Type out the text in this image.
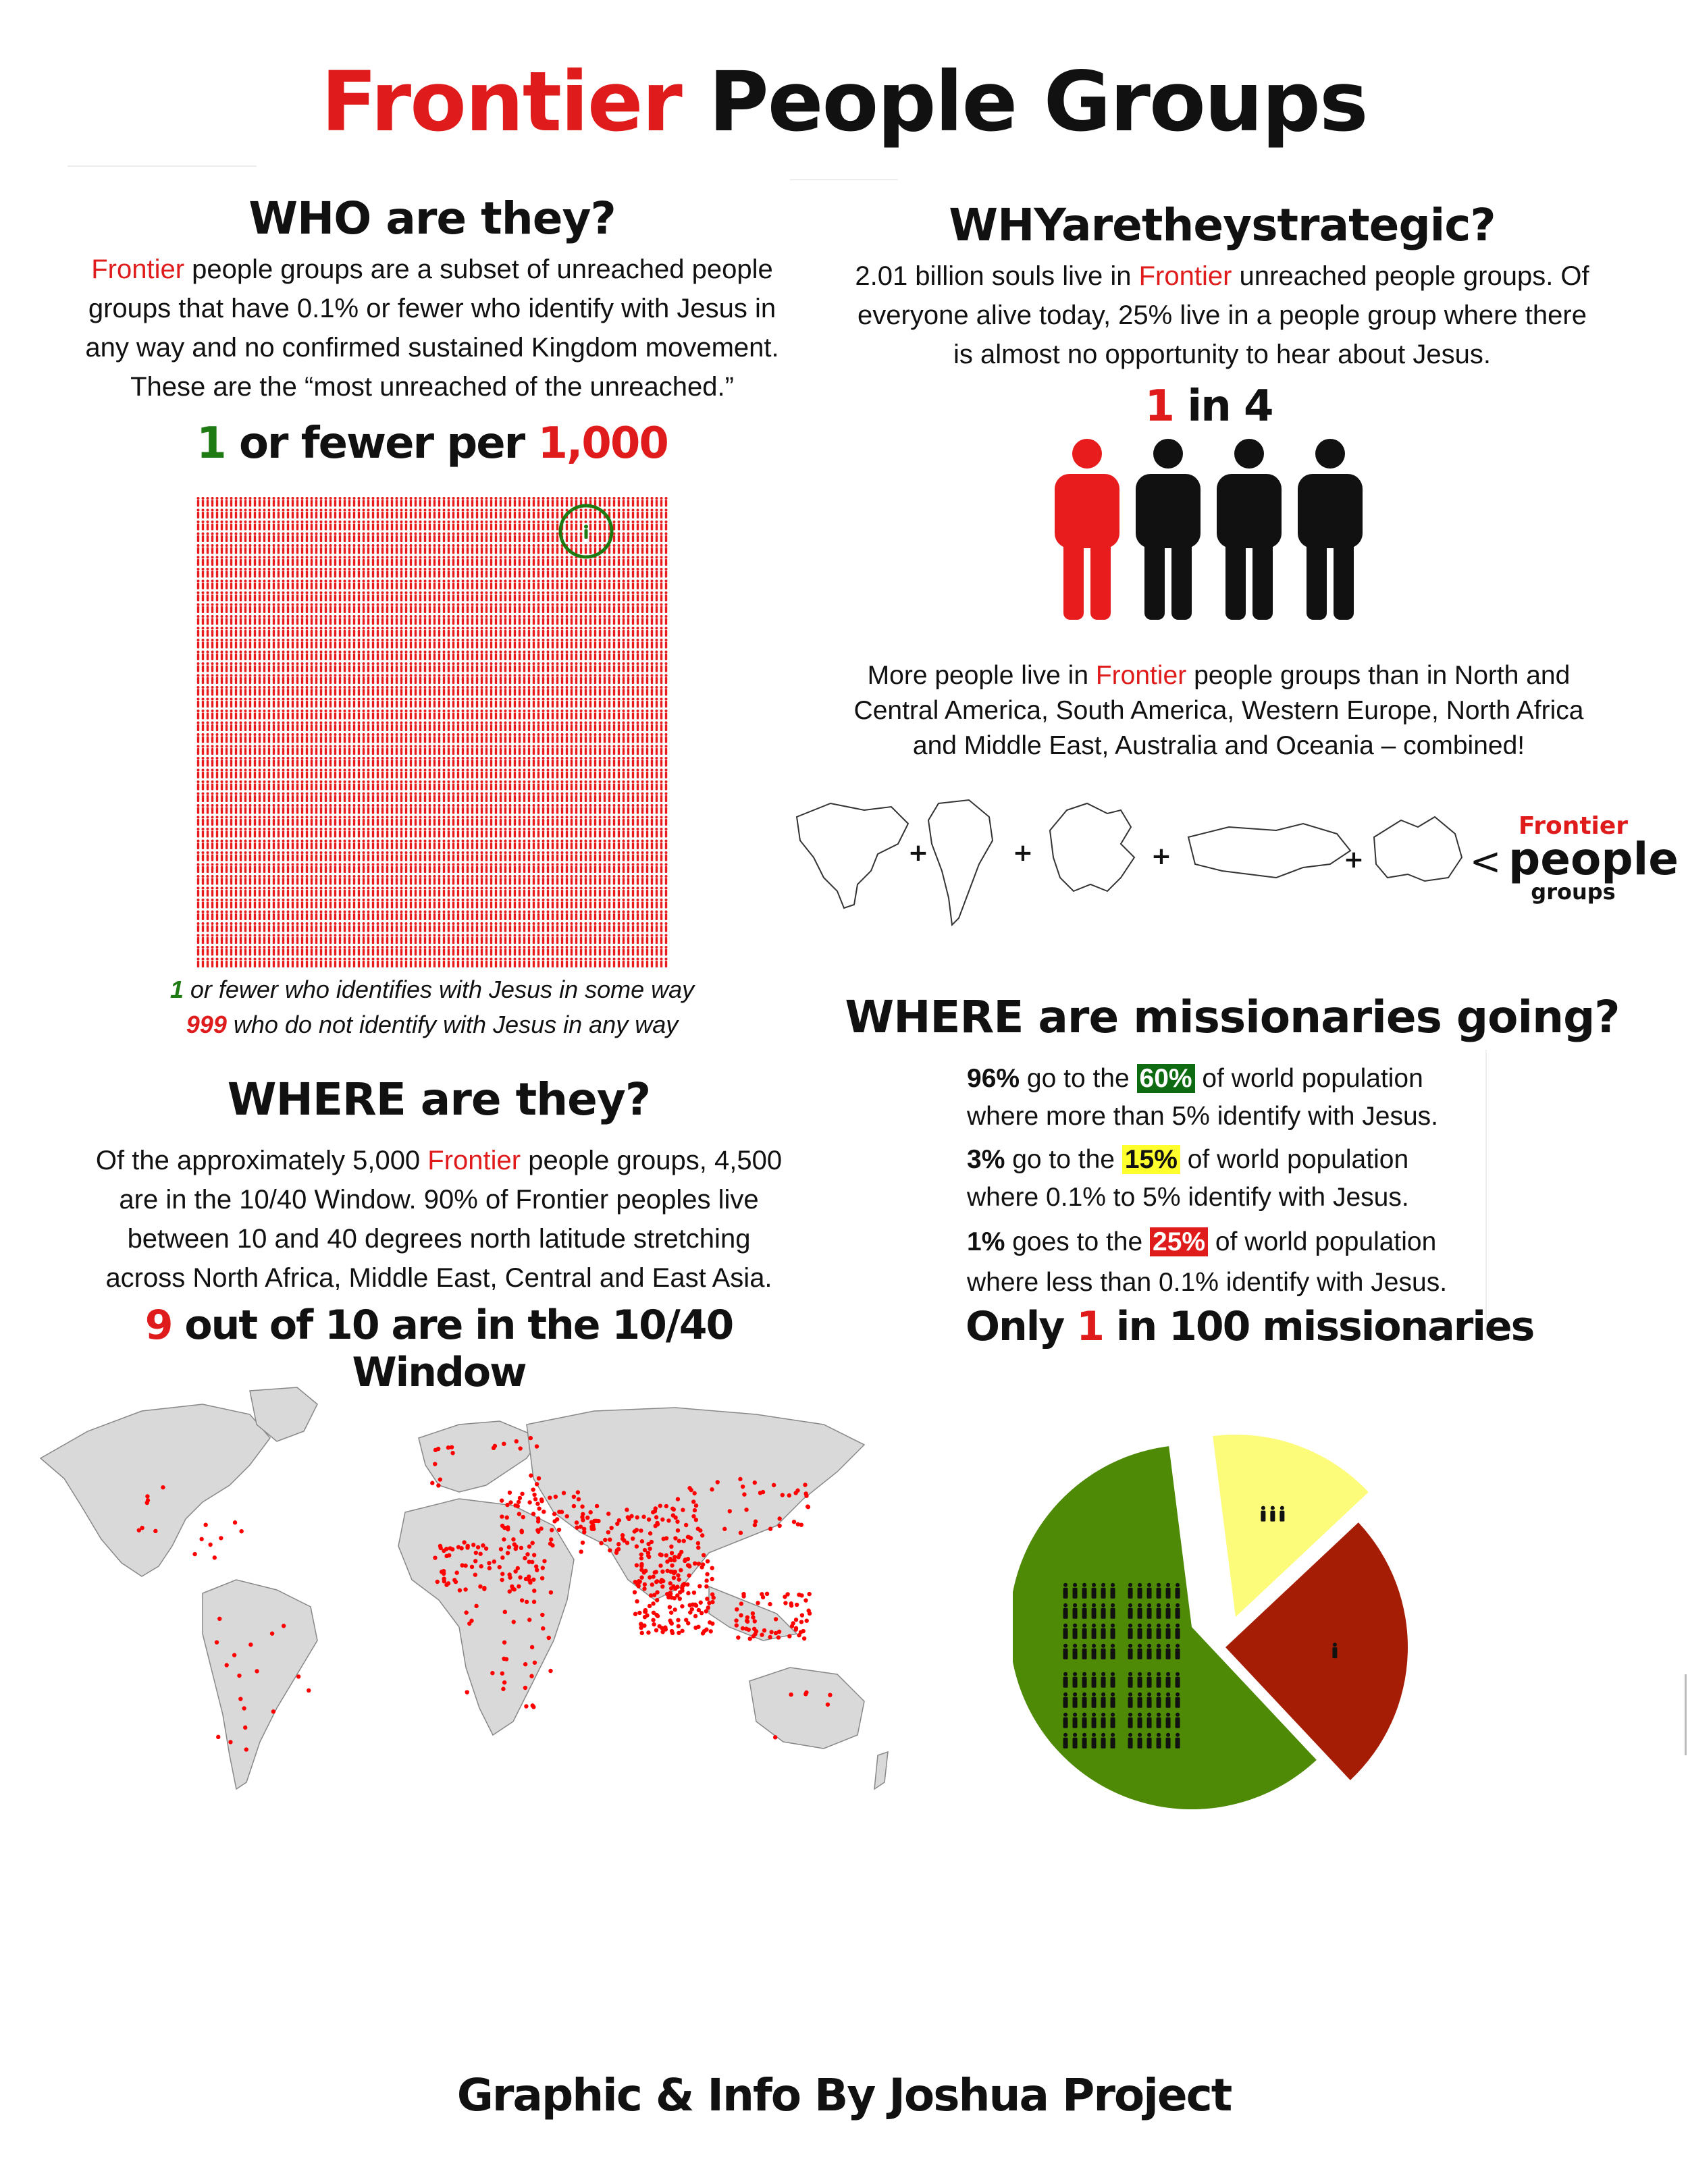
Frontier People Groups
WHO are they?
Frontier people groups are a subset of unreached people groups that have 0.1% or fewer who identify with Jesus in any way and no confirmed sustained Kingdom movement. These are the “most unreached of the unreached.”
1 or fewer per 1,000
1 or fewer who identifies with Jesus in some way
999 who do not identify with Jesus in any way
WHYaretheystrategic?
2.01 billion souls live in Frontier unreached people groups. Of everyone alive today, 25% live in a people group where there is almost no opportunity to hear about Jesus.
1 in 4
More people live in Frontier people groups than in North and Central America, South America, Western Europe, North Africa and Middle East, Australia and Oceania – combined!
+	+	+	+	<
Frontier
people
groups
WHERE are they?
Of the approximately 5,000 Frontier people groups, 4,500 are in the 10/40 Window. 90% of Frontier peoples live between 10 and 40 degrees north latitude stretching across North Africa, Middle East, Central and East Asia.
9 out of 10 are in the 10/40 Window
WHERE are missionaries going?
96% go to the 60% of world population
where more than 5% identify with Jesus.
3% go to the 15% of world population
where 0.1% to 5% identify with Jesus.
1% goes to the 25% of world population
where less than 0.1% identify with Jesus.
Only 1 in 100 missionaries
Graphic & Info By Joshua Project
